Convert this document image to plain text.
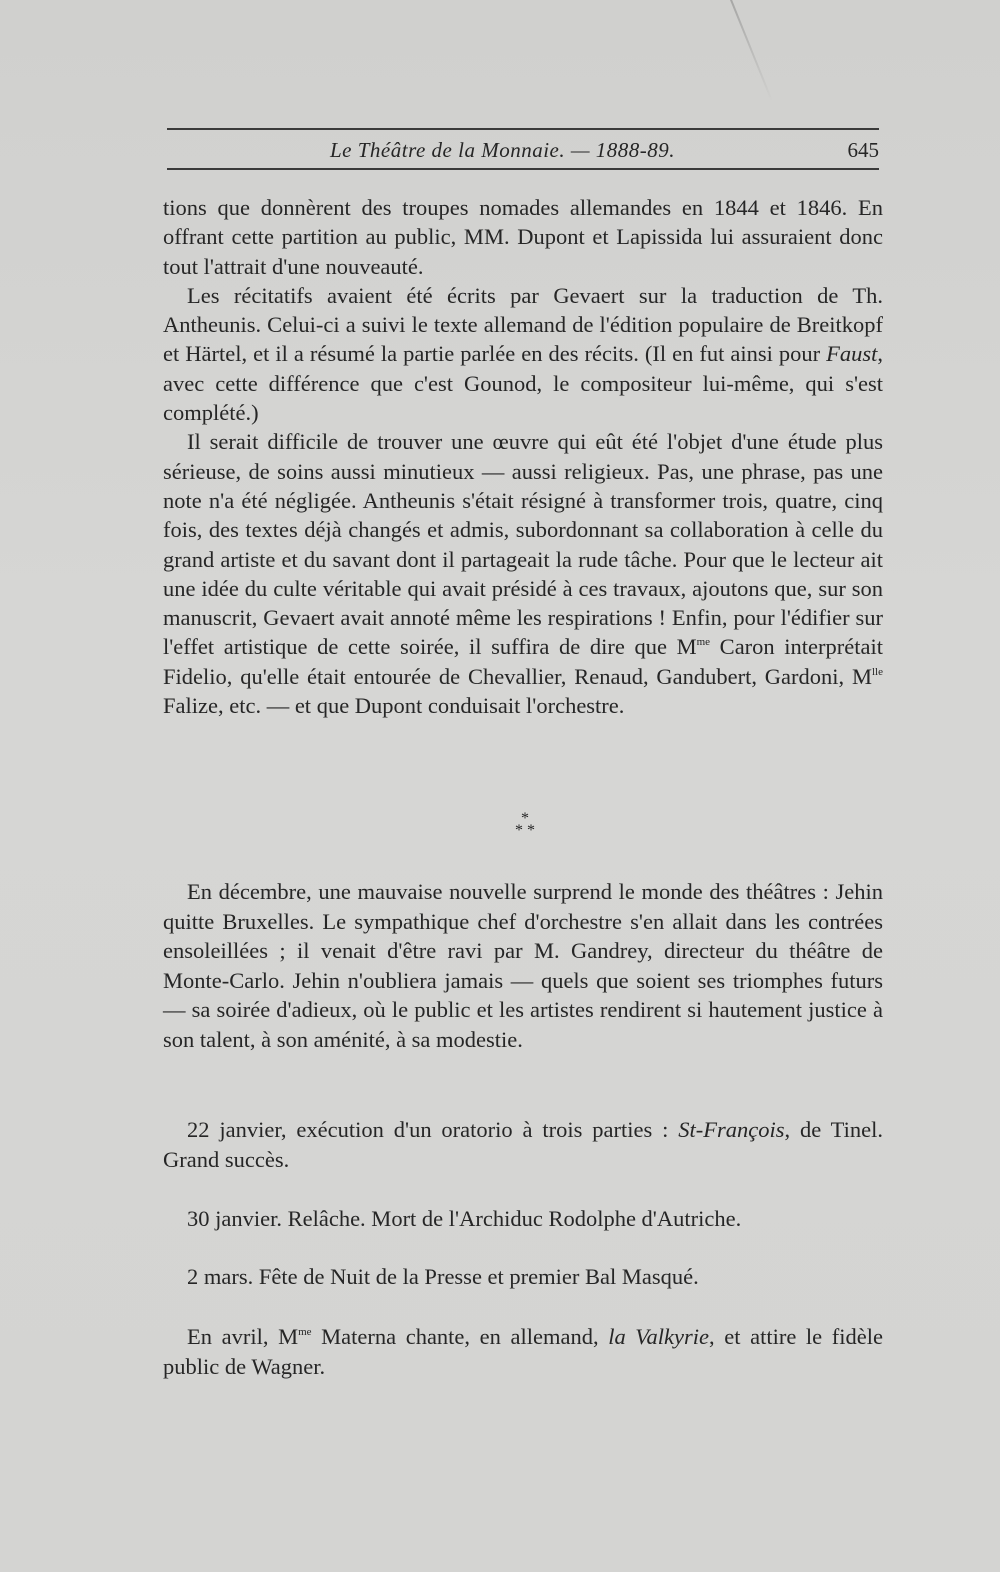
Le Théâtre de la Monnaie. — 1888-89.	645

tions que donnèrent des troupes nomades allemandes en 1844 et 1846. En offrant cette partition au public, MM. Dupont et Lapissida lui assuraient donc tout l'attrait d'une nouveauté.

Les récitatifs avaient été écrits par Gevaert sur la traduction de Th. Antheunis. Celui-ci a suivi le texte allemand de l'édition populaire de Breitkopf et Härtel, et il a résumé la partie parlée en des récits. (Il en fut ainsi pour Faust, avec cette différence que c'est Gounod, le compositeur lui-même, qui s'est complété.)

Il serait difficile de trouver une œuvre qui eût été l'objet d'une étude plus sérieuse, de soins aussi minutieux — aussi religieux. Pas, une phrase, pas une note n'a été négligée. Antheunis s'était résigné à transformer trois, quatre, cinq fois, des textes déjà changés et admis, subordonnant sa collaboration à celle du grand artiste et du savant dont il partageait la rude tâche. Pour que le lecteur ait une idée du culte véritable qui avait présidé à ces travaux, ajoutons que, sur son manuscrit, Gevaert avait annoté même les respirations ! Enfin, pour l'édifier sur l'effet artistique de cette soirée, il suffira de dire que $M^{me}$ Caron interprétait Fidelio, qu'elle était entourée de Chevallier, Renaud, Gandubert, Gardoni, $M^{lle}$ Falize, etc. — et que Dupont conduisait l'orchestre.

*
* *

En décembre, une mauvaise nouvelle surprend le monde des théâtres : Jehin quitte Bruxelles. Le sympathique chef d'orchestre s'en allait dans les contrées ensoleillées ; il venait d'être ravi par M. Gandrey, directeur du théâtre de Monte-Carlo. Jehin n'oubliera jamais — quels que soient ses triomphes futurs — sa soirée d'adieux, où le public et les artistes rendirent si hautement justice à son talent, à son aménité, à sa modestie.

22 janvier, exécution d'un oratorio à trois parties : St-François, de Tinel. Grand succès.

30 janvier. Relâche. Mort de l'Archiduc Rodolphe d'Autriche.

2 mars. Fête de Nuit de la Presse et premier Bal Masqué.

En avril, $M^{me}$ Materna chante, en allemand, la Valkyrie, et attire le fidèle public de Wagner.
